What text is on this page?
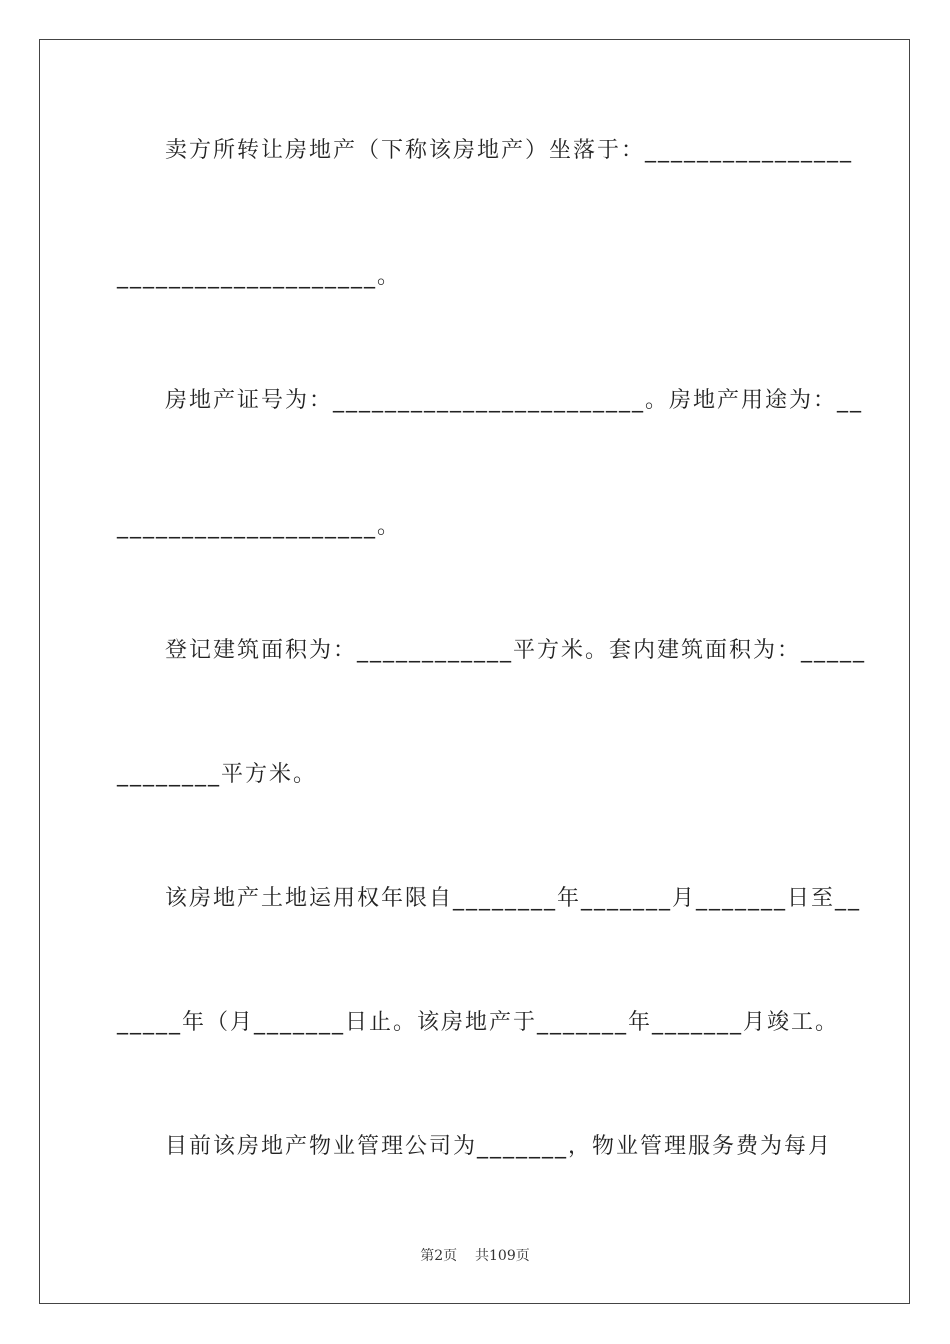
卖方所转让房地产（下称该房地产）坐落于：________________
____________________。
房地产证号为：________________________。房地产用途为：__
____________________。
登记建筑面积为：____________平方米。套内建筑面积为：_____
________平方米。
该房地产土地运用权年限自________年_______月_______日至__
_____年（月_______日止。该房地产于_______年_______月竣工。
目前该房地产物业管理公司为_______，物业管理服务费为每月
第2页 共109页
